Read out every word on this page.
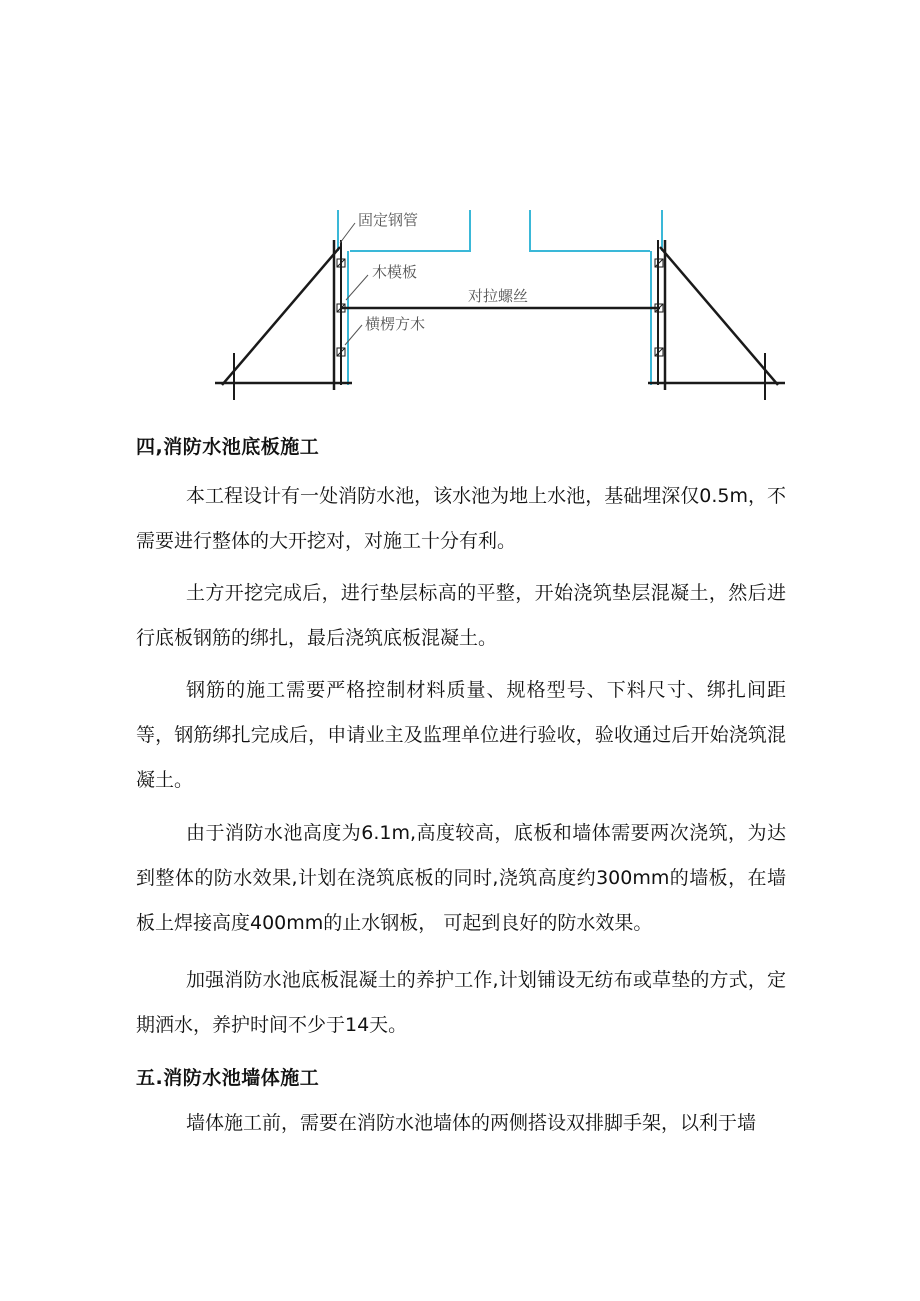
固定钢管
木模板
对拉螺丝
横楞方木
四,消防水池底板施工

本工程设计有一处消防水池，该水池为地上水池，基础埋深仅0.5m，不需要进行整体的大开挖对，对施工十分有利。

土方开挖完成后，进行垫层标高的平整，开始浇筑垫层混凝土，然后进行底板钢筋的绑扎，最后浇筑底板混凝土。

钢筋的施工需要严格控制材料质量、规格型号、下料尺寸、绑扎间距等，钢筋绑扎完成后，申请业主及监理单位进行验收，验收通过后开始浇筑混凝土。

由于消防水池高度为6.1m,高度较高，底板和墙体需要两次浇筑，为达到整体的防水效果,计划在浇筑底板的同时,浇筑高度约300mm的墙板，在墙板上焊接高度400mm的止水钢板， 可起到良好的防水效果。

加强消防水池底板混凝土的养护工作,计划铺设无纺布或草垫的方式，定期洒水，养护时间不少于14天。

五.消防水池墙体施工

墙体施工前，需要在消防水池墙体的两侧搭设双排脚手架，以利于墙
